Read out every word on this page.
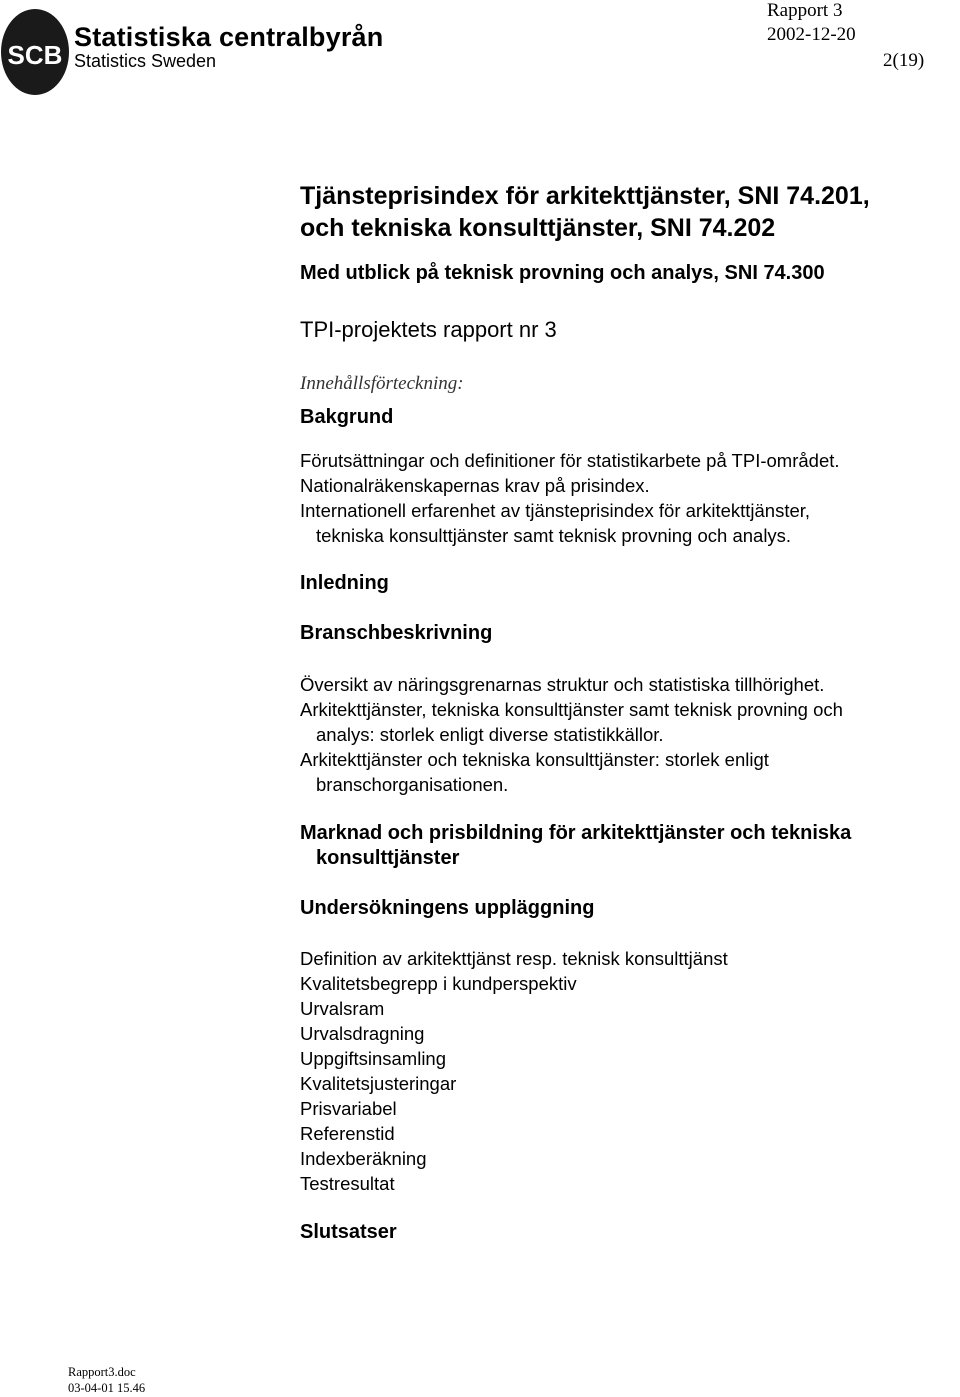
SCB
Statistiska centralbyrån
Statistics Sweden
Rapport 3
2002-12-20
2(19)
Tjänsteprisindex för arkitekttjänster, SNI 74.201,
och tekniska konsulttjänster, SNI 74.202
Med utblick på teknisk provning och analys, SNI 74.300
TPI-projektets rapport nr 3
Innehållsförteckning:
Bakgrund
Förutsättningar och definitioner för statistikarbete på TPI-området.
Nationalräkenskapernas krav på prisindex.
Internationell erfarenhet av tjänsteprisindex för arkitekttjänster,
tekniska konsulttjänster samt teknisk provning och analys.
Inledning
Branschbeskrivning
Översikt av näringsgrenarnas struktur och statistiska tillhörighet.
Arkitekttjänster, tekniska konsulttjänster samt teknisk provning och
analys: storlek enligt diverse statistikkällor.
Arkitekttjänster och tekniska konsulttjänster: storlek enligt
branschorganisationen.
Marknad och prisbildning för arkitekttjänster och tekniska
konsulttjänster
Undersökningens uppläggning
Definition av arkitekttjänst resp. teknisk konsulttjänst
Kvalitetsbegrepp i kundperspektiv
Urvalsram
Urvalsdragning
Uppgiftsinsamling
Kvalitetsjusteringar
Prisvariabel
Referenstid
Indexberäkning
Testresultat
Slutsatser
Rapport3.doc
03-04-01 15.46
